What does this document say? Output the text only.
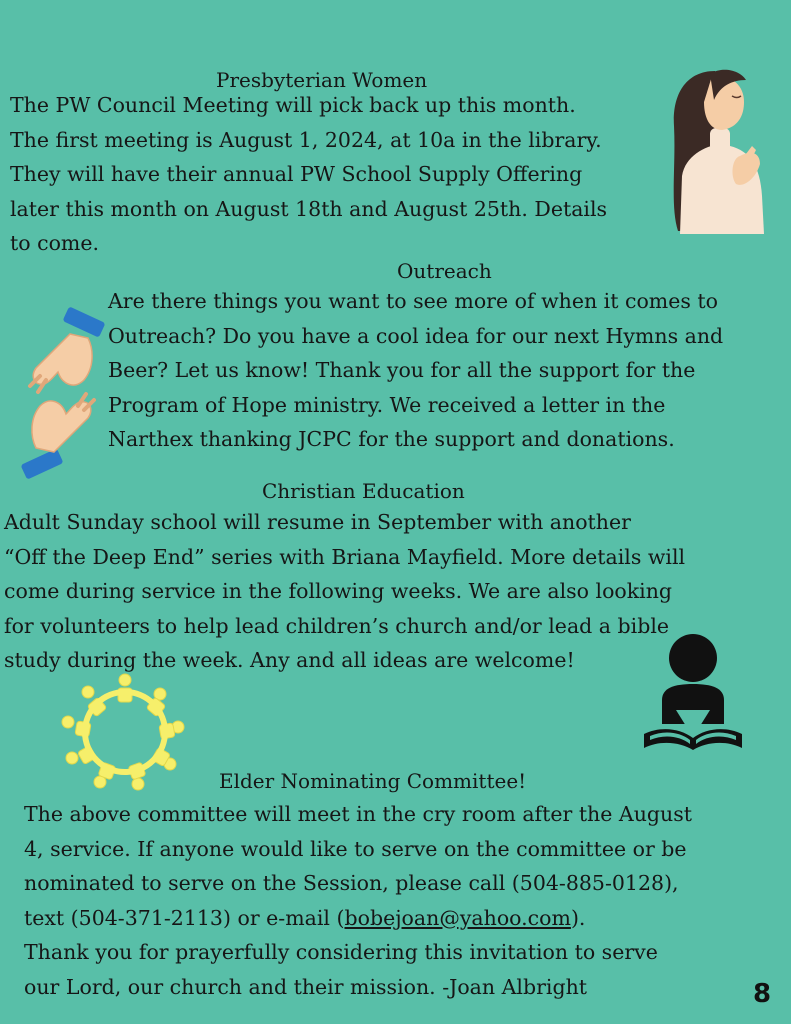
Presbyterian Women
The PW Council Meeting will pick back up this month.
The first meeting is August 1, 2024, at 10a in the library.
They will have their annual PW School Supply Offering
later this month on August 18th and August 25th. Details
to come.
Outreach
Are there things you want to see more of when it comes to
Outreach? Do you have a cool idea for our next Hymns and
Beer? Let us know! Thank you for all the support for the
Program of Hope ministry. We received a letter in the
Narthex thanking JCPC for the support and donations.
Christian Education
Adult Sunday school will resume in September with another
“Off the Deep End” series with Briana Mayfield. More details will
come during service in the following weeks. We are also looking
for volunteers to help lead children’s church and/or lead a bible
study during the week. Any and all ideas are welcome!
Elder Nominating Committee!
The above committee will meet in the cry room after the August
4, service. If anyone would like to serve on the committee or be
nominated to serve on the Session, please call (504-885-0128),
text (504-371-2113) or e-mail (bobejoan@yahoo.com).
Thank you for prayerfully considering this invitation to serve
our Lord, our church and their mission. -Joan Albright	8
